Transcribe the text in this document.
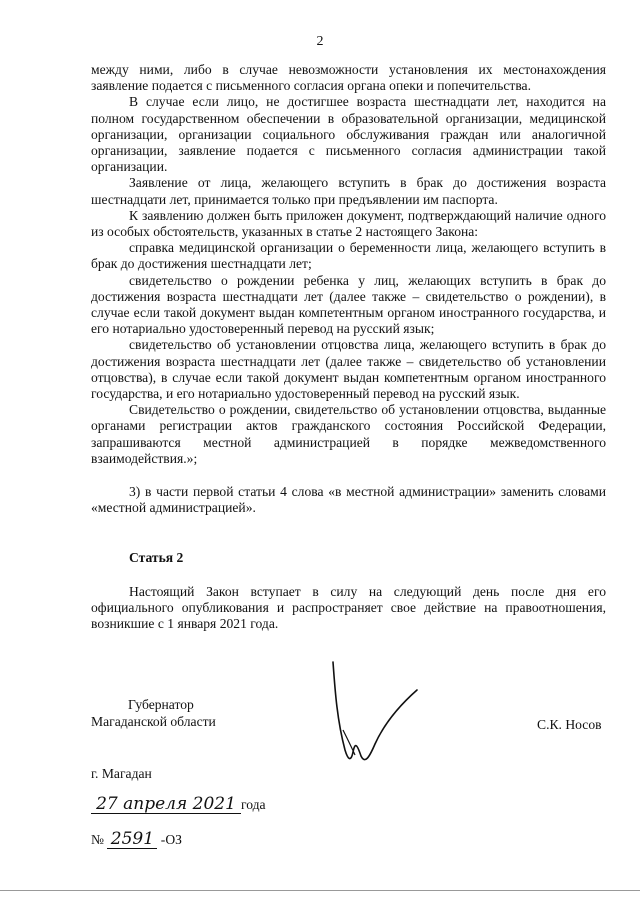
2

между ними, либо в случае невозможности установления их местонахождения заявление подается с письменного согласия органа опеки и попечительства.

В случае если лицо, не достигшее возраста шестнадцати лет, находится на полном государственном обеспечении в образовательной организации, медицинской организации, организации социального обслуживания граждан или аналогичной организации, заявление подается с письменного согласия администрации такой организации.

Заявление от лица, желающего вступить в брак до достижения возраста шестнадцати лет, принимается только при предъявлении им паспорта.

К заявлению должен быть приложен документ, подтверждающий наличие одного из особых обстоятельств, указанных в статье 2 настоящего Закона:

справка медицинской организации о беременности лица, желающего вступить в брак до достижения шестнадцати лет;

свидетельство о рождении ребенка у лиц, желающих вступить в брак до достижения возраста шестнадцати лет (далее также – свидетельство о рождении), в случае если такой документ выдан компетентным органом иностранного государства, и его нотариально удостоверенный перевод на русский язык;

свидетельство об установлении отцовства лица, желающего вступить в брак до достижения возраста шестнадцати лет (далее также – свидетельство об установлении отцовства), в случае если такой документ выдан компетентным органом иностранного государства, и его нотариально удостоверенный перевод на русский язык.

Свидетельство о рождении, свидетельство об установлении отцовства, выданные органами регистрации актов гражданского состояния Российской Федерации, запрашиваются местной администрацией в порядке межведомственного взаимодействия.»;

3) в части первой статьи 4 слова «в местной администрации» заменить словами «местной администрацией».

Статья 2

Настоящий Закон вступает в силу на следующий день после дня его официального опубликования и распространяет свое действие на правоотношения, возникшие с 1 января 2021 года.

Губернатор
Магаданской области	С.К. Носов
г. Магадан
27 апреля 2021 года
№ 2591 -ОЗ
